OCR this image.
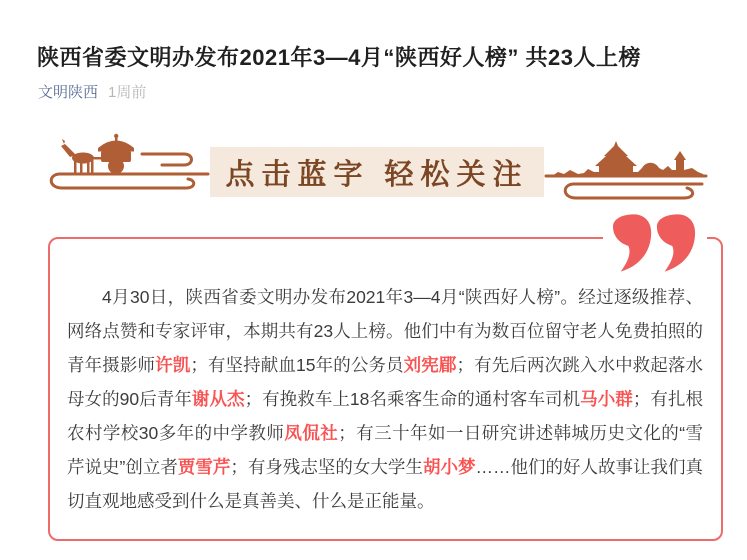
陕西省委文明办发布2021年3—4月“陕西好人榜” 共23人上榜
文明陕西 1周前
点击蓝字 轻松关注

4月30日，陕西省委文明办发布2021年3—4月“陕西好人榜”。经过逐级推荐、网络点赞和专家评审，本期共有23人上榜。他们中有为数百位留守老人免费拍照的青年摄影师许凯；有坚持献血15年的公务员刘宪郿；有先后两次跳入水中救起落水母女的90后青年谢从杰；有挽救车上18名乘客生命的通村客车司机马小群；有扎根农村学校30多年的中学教师凤侃社；有三十年如一日研究讲述韩城历史文化的“雪芹说史”创立者贾雪芹；有身残志坚的女大学生胡小梦……他们的好人故事让我们真切直观地感受到什么是真善美、什么是正能量。
